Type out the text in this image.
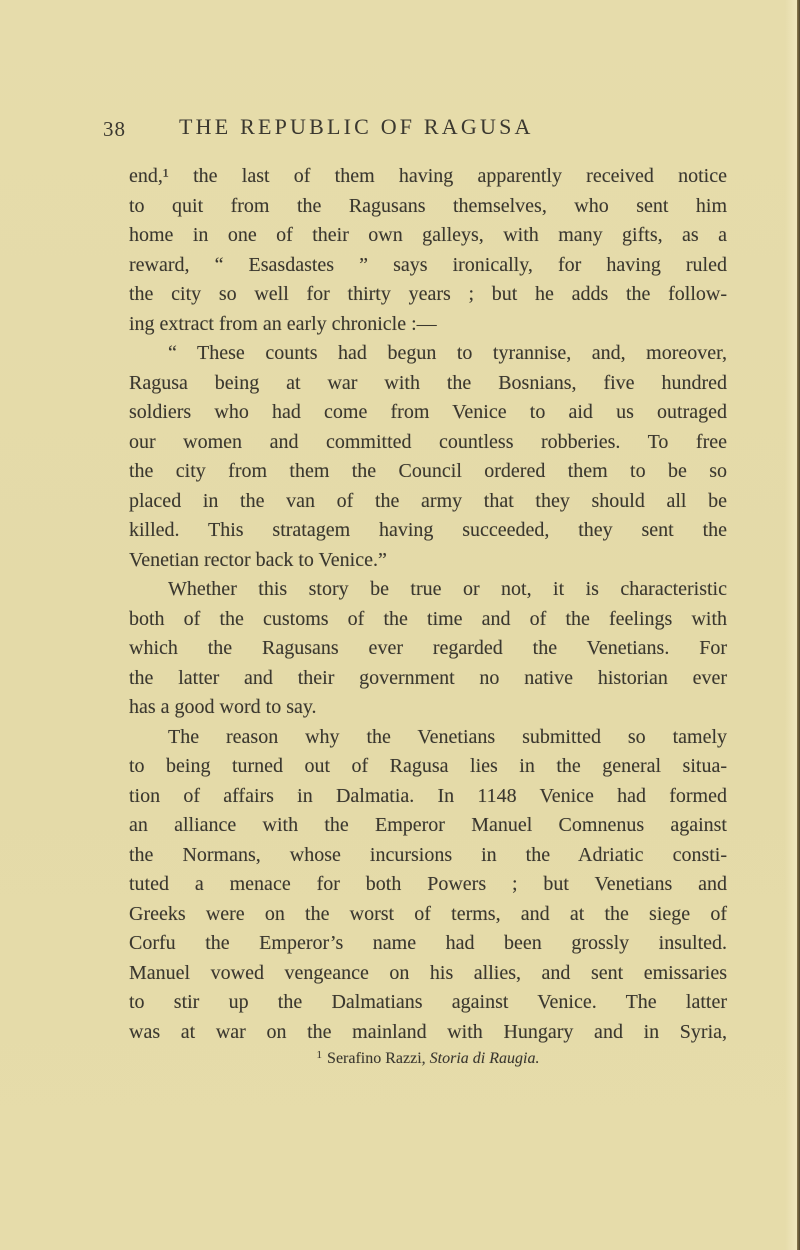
38 THE REPUBLIC OF RAGUSA
end,¹ the last of them having apparently received notice
to quit from the Ragusans themselves, who sent him
home in one of their own galleys, with many gifts, as a
reward, “ Esasdastes ” says ironically, for having ruled
the city so well for thirty years ; but he adds the follow-
ing extract from an early chronicle :—
“ These counts had begun to tyrannise, and, moreover,
Ragusa being at war with the Bosnians, five hundred
soldiers who had come from Venice to aid us outraged
our women and committed countless robberies. To free
the city from them the Council ordered them to be so
placed in the van of the army that they should all be
killed. This stratagem having succeeded, they sent the
Venetian rector back to Venice.”
Whether this story be true or not, it is characteristic
both of the customs of the time and of the feelings with
which the Ragusans ever regarded the Venetians. For
the latter and their government no native historian ever
has a good word to say.
The reason why the Venetians submitted so tamely
to being turned out of Ragusa lies in the general situa-
tion of affairs in Dalmatia. In 1148 Venice had formed
an alliance with the Emperor Manuel Comnenus against
the Normans, whose incursions in the Adriatic consti-
tuted a menace for both Powers ; but Venetians and
Greeks were on the worst of terms, and at the siege of
Corfu the Emperor’s name had been grossly insulted.
Manuel vowed vengeance on his allies, and sent emissaries
to stir up the Dalmatians against Venice. The latter
was at war on the mainland with Hungary and in Syria,
$^1$ Serafino Razzi, Storia di Raugia.
